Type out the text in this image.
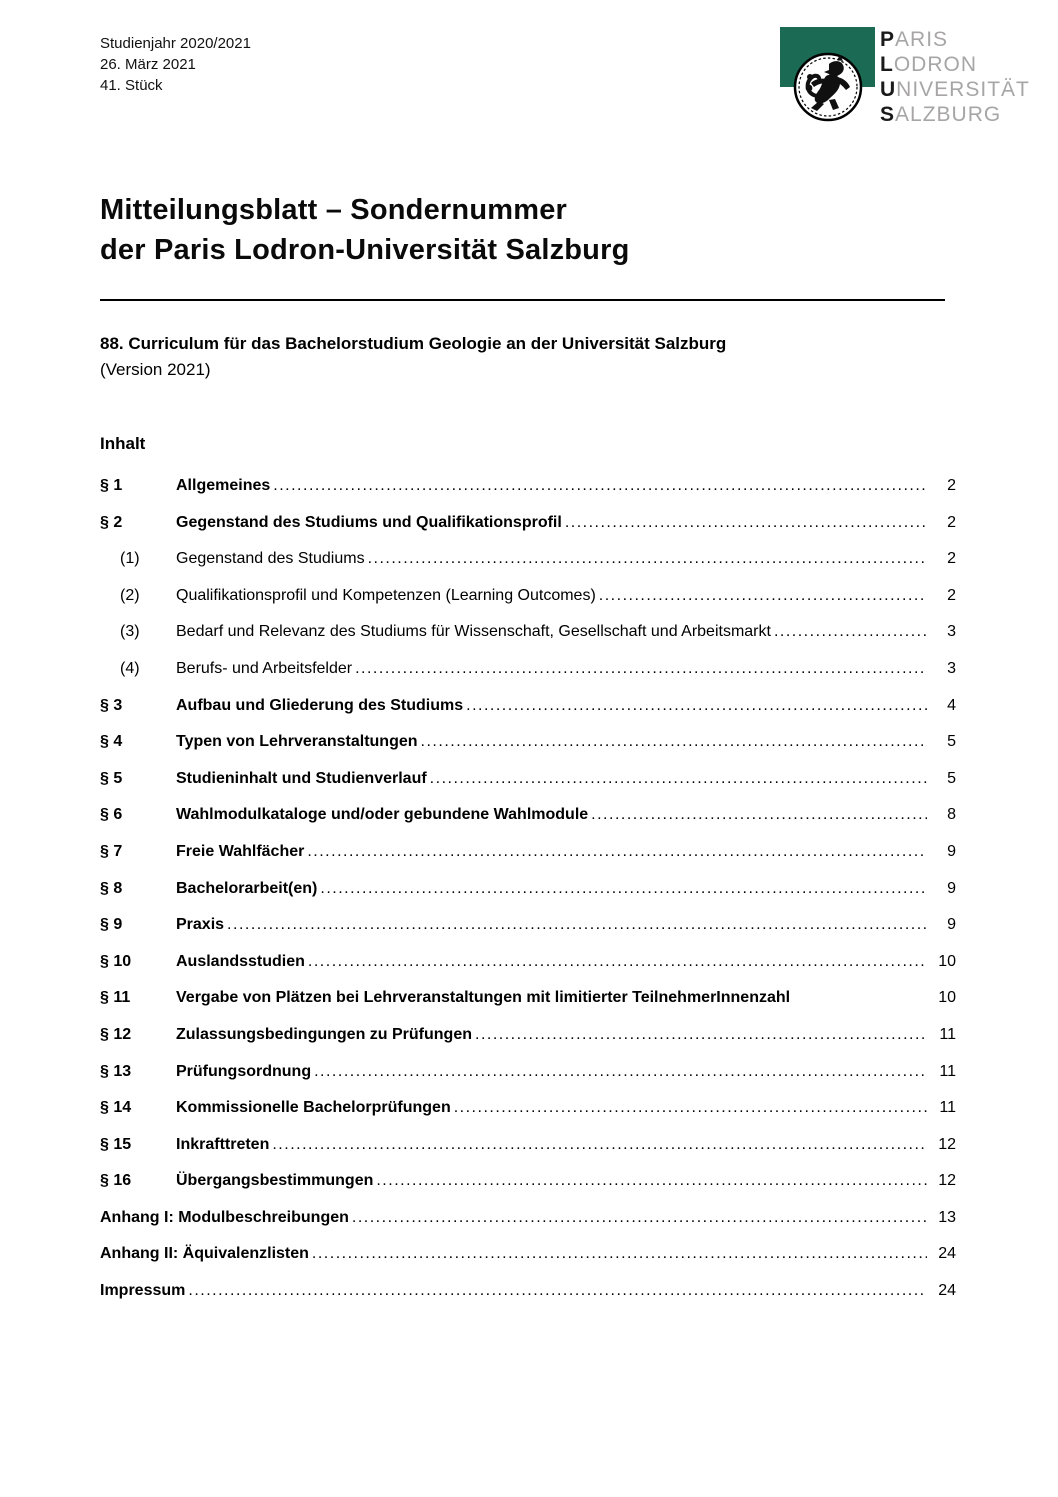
Studienjahr 2020/2021
26. März 2021
41. Stück
PARIS
LODRON
UNIVERSITÄT
SALZBURG
Mitteilungsblatt – Sondernummer
der Paris Lodron-Universität Salzburg
88. Curriculum für das Bachelorstudium Geologie an der Universität Salzburg
(Version 2021)
Inhalt
§ 1	Allgemeines .....	2
§ 2	Gegenstand des Studiums und Qualifikationsprofil .....	2
(1)	Gegenstand des Studiums .....	2
(2)	Qualifikationsprofil und Kompetenzen (Learning Outcomes) .....	2
(3)	Bedarf und Relevanz des Studiums für Wissenschaft, Gesellschaft und Arbeitsmarkt .....	3
(4)	Berufs- und Arbeitsfelder .....	3
§ 3	Aufbau und Gliederung des Studiums .....	4
§ 4	Typen von Lehrveranstaltungen .....	5
§ 5	Studieninhalt und Studienverlauf .....	5
§ 6	Wahlmodulkataloge und/oder gebundene Wahlmodule .....	8
§ 7	Freie Wahlfächer .....	9
§ 8	Bachelorarbeit(en) .....	9
§ 9	Praxis .....	9
§ 10	Auslandsstudien .....	10
§ 11	Vergabe von Plätzen bei Lehrveranstaltungen mit limitierter TeilnehmerInnenzahl	10
§ 12	Zulassungsbedingungen zu Prüfungen .....	11
§ 13	Prüfungsordnung .....	11
§ 14	Kommissionelle Bachelorprüfungen .....	11
§ 15	Inkrafttreten .....	12
§ 16	Übergangsbestimmungen .....	12
Anhang I: Modulbeschreibungen .....	13
Anhang II: Äquivalenzlisten .....	24
Impressum .....	24
